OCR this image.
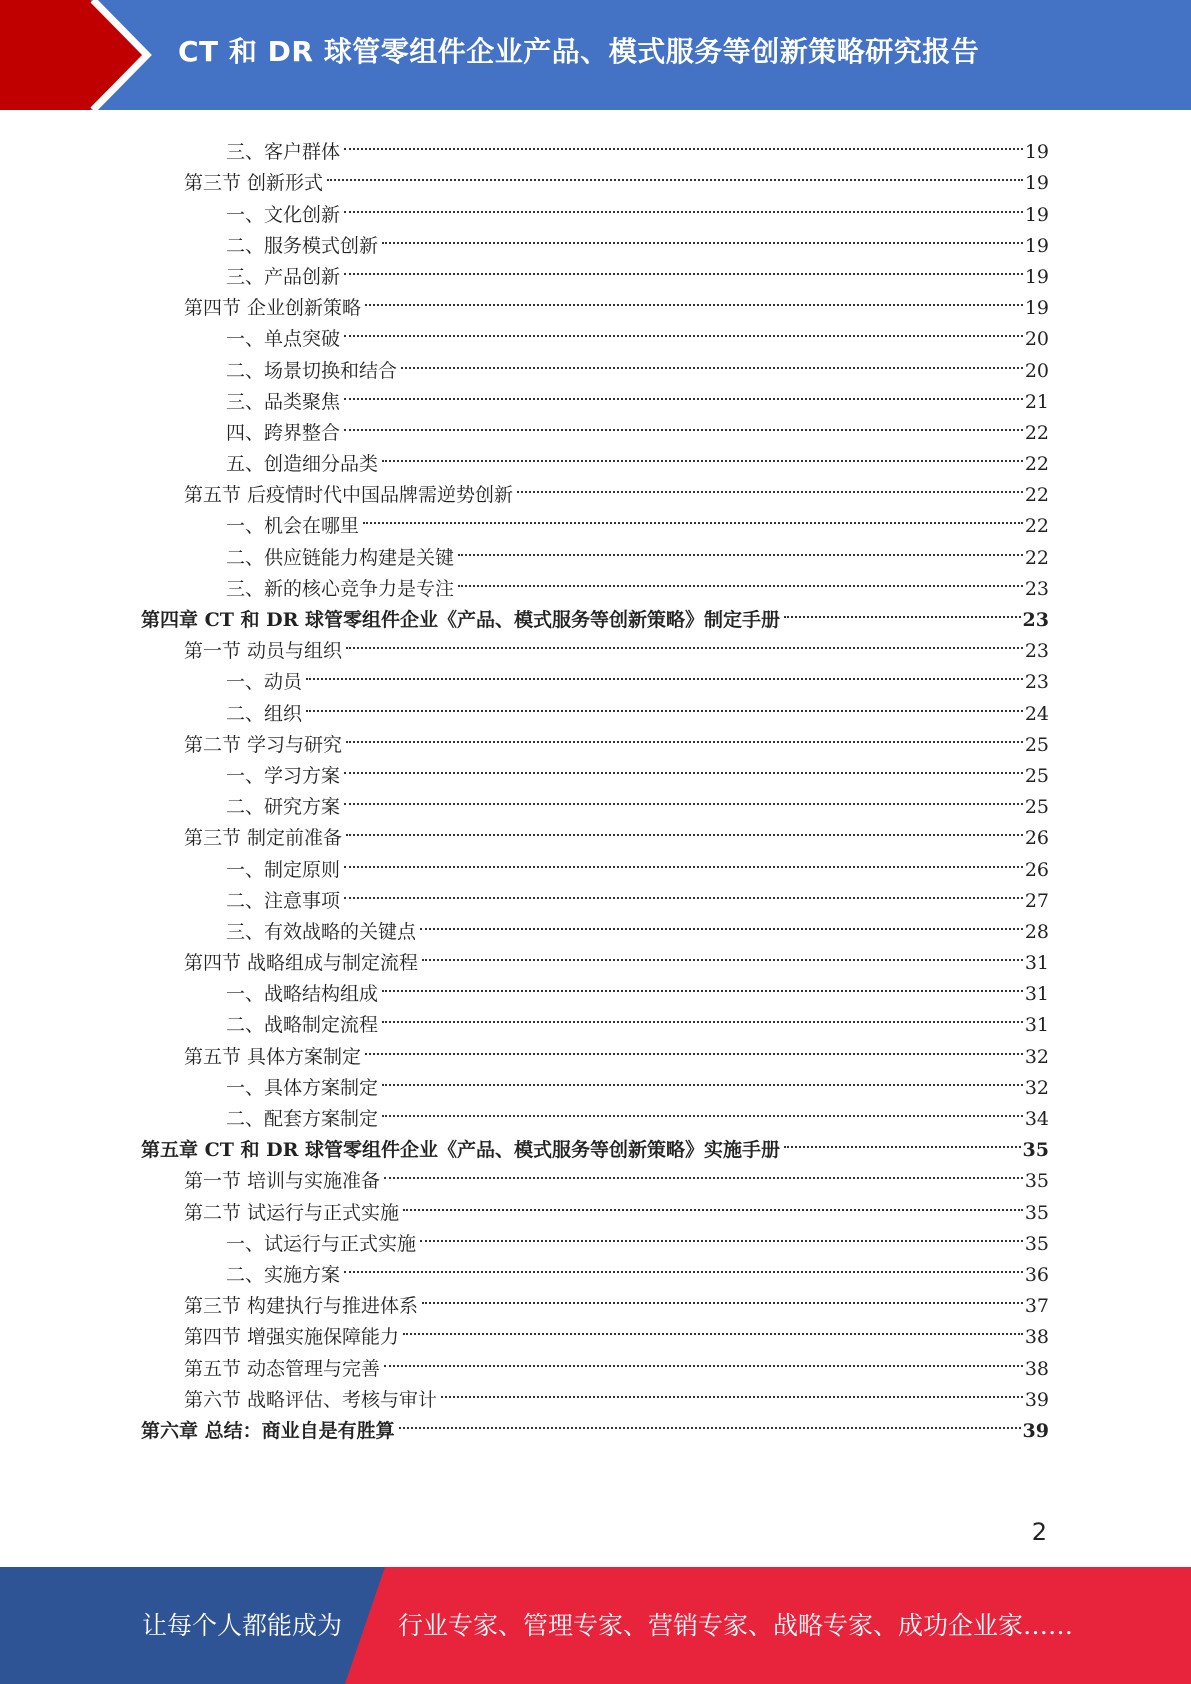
CT 和 DR 球管零组件企业产品、模式服务等创新策略研究报告
三、客户群体	19
第三节 创新形式	19
一、文化创新	19
二、服务模式创新	19
三、产品创新	19
第四节 企业创新策略	19
一、单点突破	20
二、场景切换和结合	20
三、品类聚焦	21
四、跨界整合	22
五、创造细分品类	22
第五节 后疫情时代中国品牌需逆势创新	22
一、机会在哪里	22
二、供应链能力构建是关键	22
三、新的核心竞争力是专注	23
第四章 CT 和 DR 球管零组件企业《产品、模式服务等创新策略》制定手册	23
第一节 动员与组织	23
一、动员	23
二、组织	24
第二节 学习与研究	25
一、学习方案	25
二、研究方案	25
第三节 制定前准备	26
一、制定原则	26
二、注意事项	27
三、有效战略的关键点	28
第四节 战略组成与制定流程	31
一、战略结构组成	31
二、战略制定流程	31
第五节 具体方案制定	32
一、具体方案制定	32
二、配套方案制定	34
第五章 CT 和 DR 球管零组件企业《产品、模式服务等创新策略》实施手册	35
第一节 培训与实施准备	35
第二节 试运行与正式实施	35
一、试运行与正式实施	35
二、实施方案	36
第三节 构建执行与推进体系	37
第四节 增强实施保障能力	38
第五节 动态管理与完善	38
第六节 战略评估、考核与审计	39
第六章 总结：商业自是有胜算	39
2
让每个人都能成为 行业专家、管理专家、营销专家、战略专家、成功企业家……
